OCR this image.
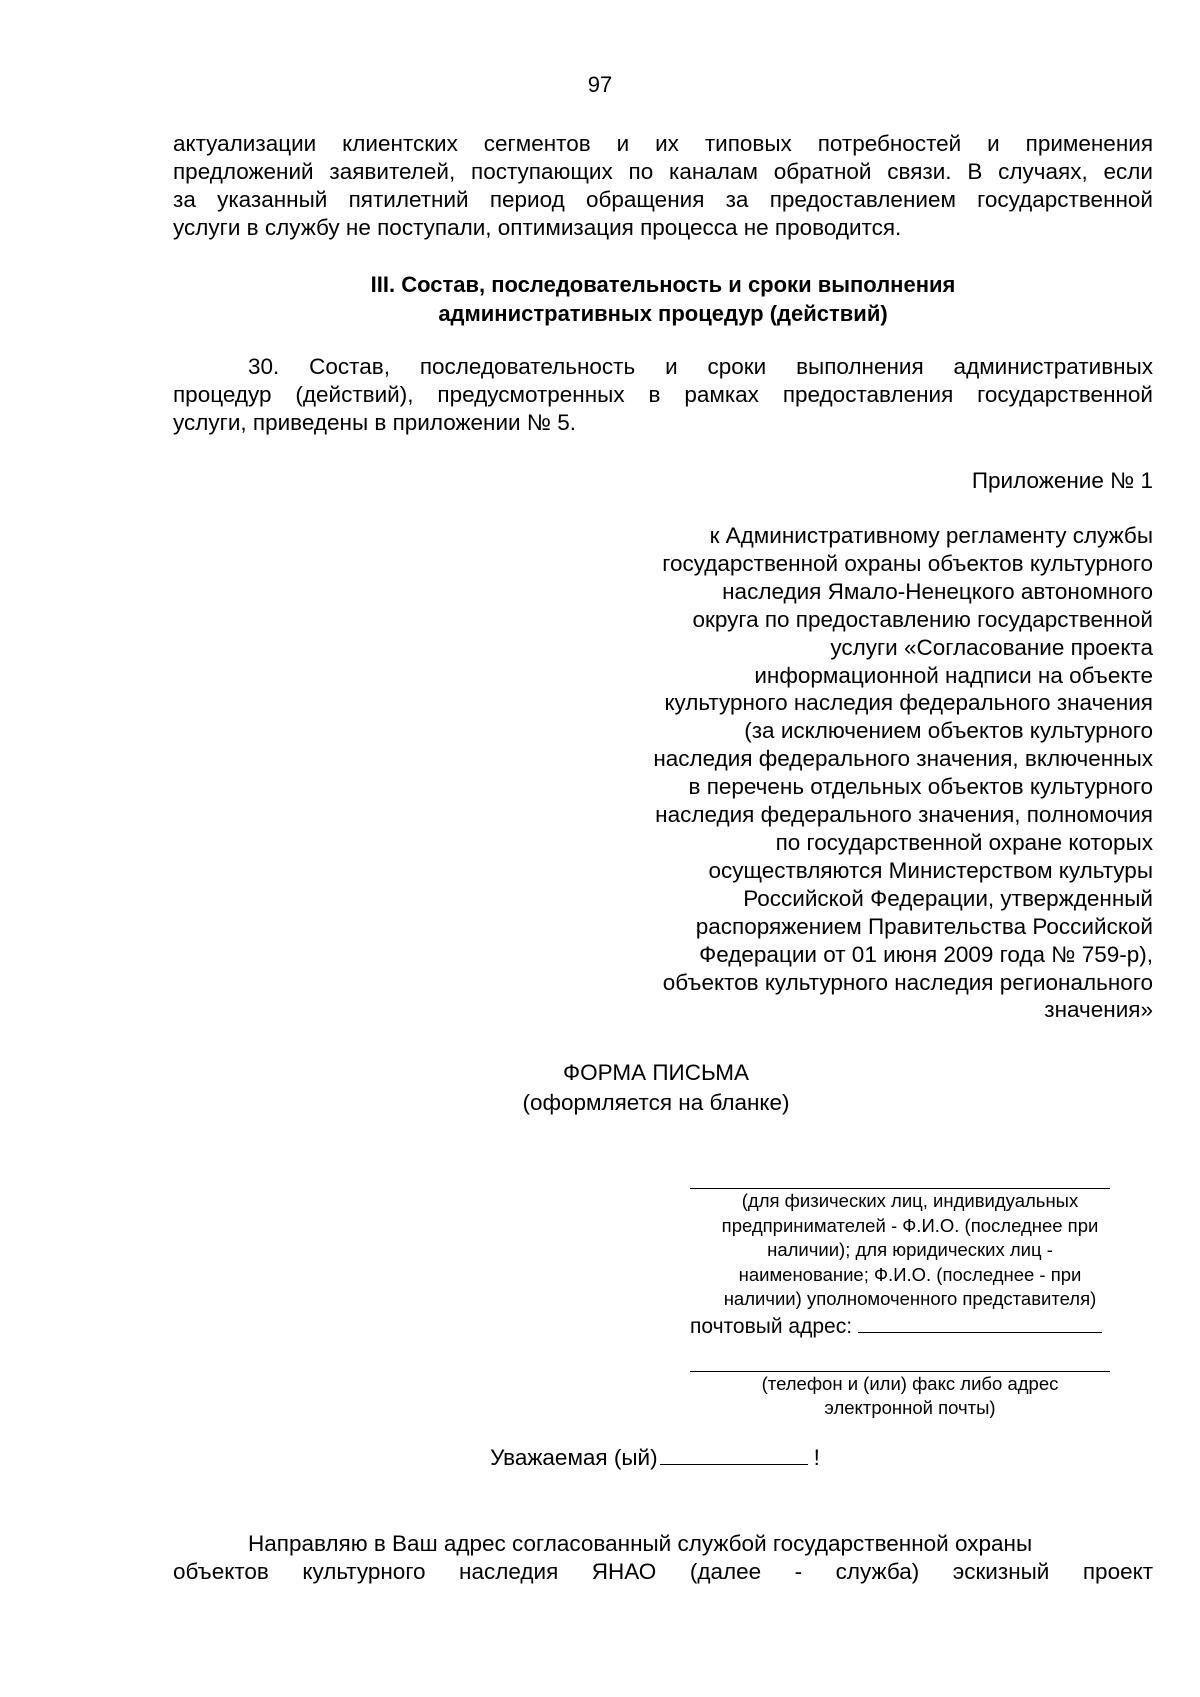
97
актуализации клиентских сегментов и их типовых потребностей и применения
предложений заявителей, поступающих по каналам обратной связи. В случаях, если
за указанный пятилетний период обращения за предоставлением государственной
услуги в службу не поступали, оптимизация процесса не проводится.
III. Состав, последовательность и сроки выполнения
административных процедур (действий)
30. Состав, последовательность и сроки выполнения административных
процедур (действий), предусмотренных в рамках предоставления государственной
услуги, приведены в приложении № 5.
Приложение № 1
к Административному регламенту службы
государственной охраны объектов культурного
наследия Ямало-Ненецкого автономного
округа по предоставлению государственной
услуги «Согласование проекта
информационной надписи на объекте
культурного наследия федерального значения
(за исключением объектов культурного
наследия федерального значения, включенных
в перечень отдельных объектов культурного
наследия федерального значения, полномочия
по государственной охране которых
осуществляются Министерством культуры
Российской Федерации, утвержденный
распоряжением Правительства Российской
Федерации от 01 июня 2009 года № 759-р),
объектов культурного наследия регионального
значения»
ФОРМА ПИСЬМА
(оформляется на бланке)
(для физических лиц, индивидуальных
предпринимателей - Ф.И.О. (последнее при
наличии); для юридических лиц -
наименование; Ф.И.О. (последнее - при
наличии) уполномоченного представителя)
почтовый адрес:
(телефон и (или) факс либо адрес
электронной почты)
Уважаемая (ый)	!
Направляю в Ваш адрес согласованный службой государственной охраны
объектов культурного наследия ЯНАО (далее - служба) эскизный проект
